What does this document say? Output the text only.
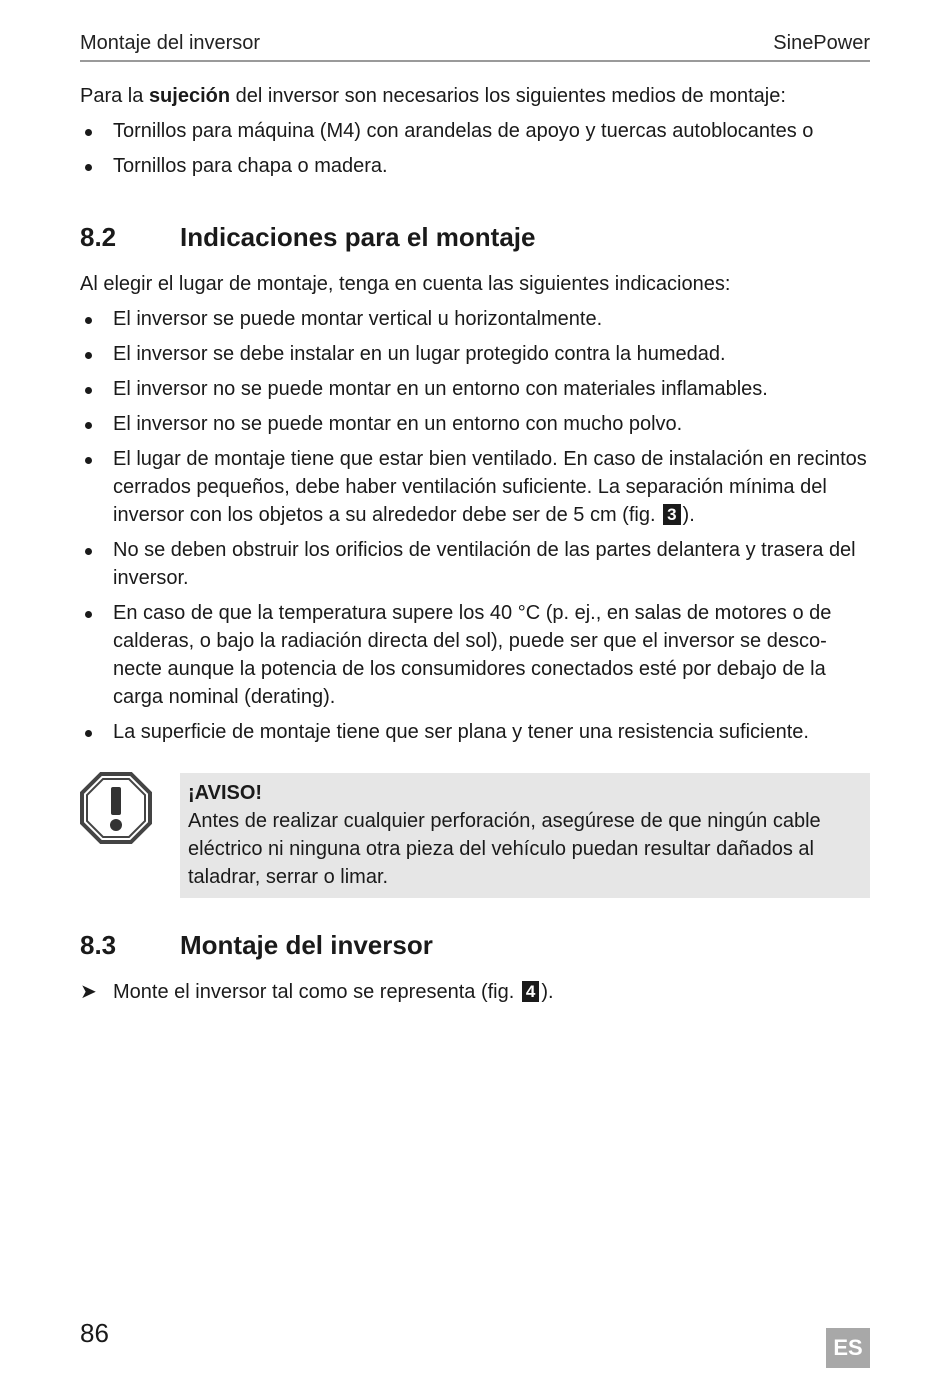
Montaje del inversor	SinePower

Para la sujeción del inversor son necesarios los siguientes medios de montaje:

Tornillos para máquina (M4) con arandelas de apoyo y tuercas autoblocantes o
Tornillos para chapa o madera.
8.2	Indicaciones para el montaje

Al elegir el lugar de montaje, tenga en cuenta las siguientes indicaciones:

El inversor se puede montar vertical u horizontalmente.
El inversor se debe instalar en un lugar protegido contra la humedad.
El inversor no se puede montar en un entorno con materiales inflamables.
El inversor no se puede montar en un entorno con mucho polvo.
El lugar de montaje tiene que estar bien ventilado. En caso de instalación en recintos cerrados pequeños, debe haber ventilación suficiente. La separación mínima del inversor con los objetos a su alrededor debe ser de 5 cm (fig. 3 ).
No se deben obstruir los orificios de ventilación de las partes delantera y trasera del inversor.
En caso de que la temperatura supere los 40 °C (p. ej., en salas de motores o de calderas, o bajo la radiación directa del sol), puede ser que el inversor se desco-necte aunque la potencia de los consumidores conectados esté por debajo de la carga nominal (derating).
La superficie de montaje tiene que ser plana y tener una resistencia suficiente.
¡AVISO!
Antes de realizar cualquier perforación, asegúrese de que ningún cable eléctrico ni ninguna otra pieza del vehículo puedan resultar dañados al taladrar, serrar o limar.
8.3	Montaje del inversor
➤ Monte el inversor tal como se representa (fig. 4 ).
86	ES
